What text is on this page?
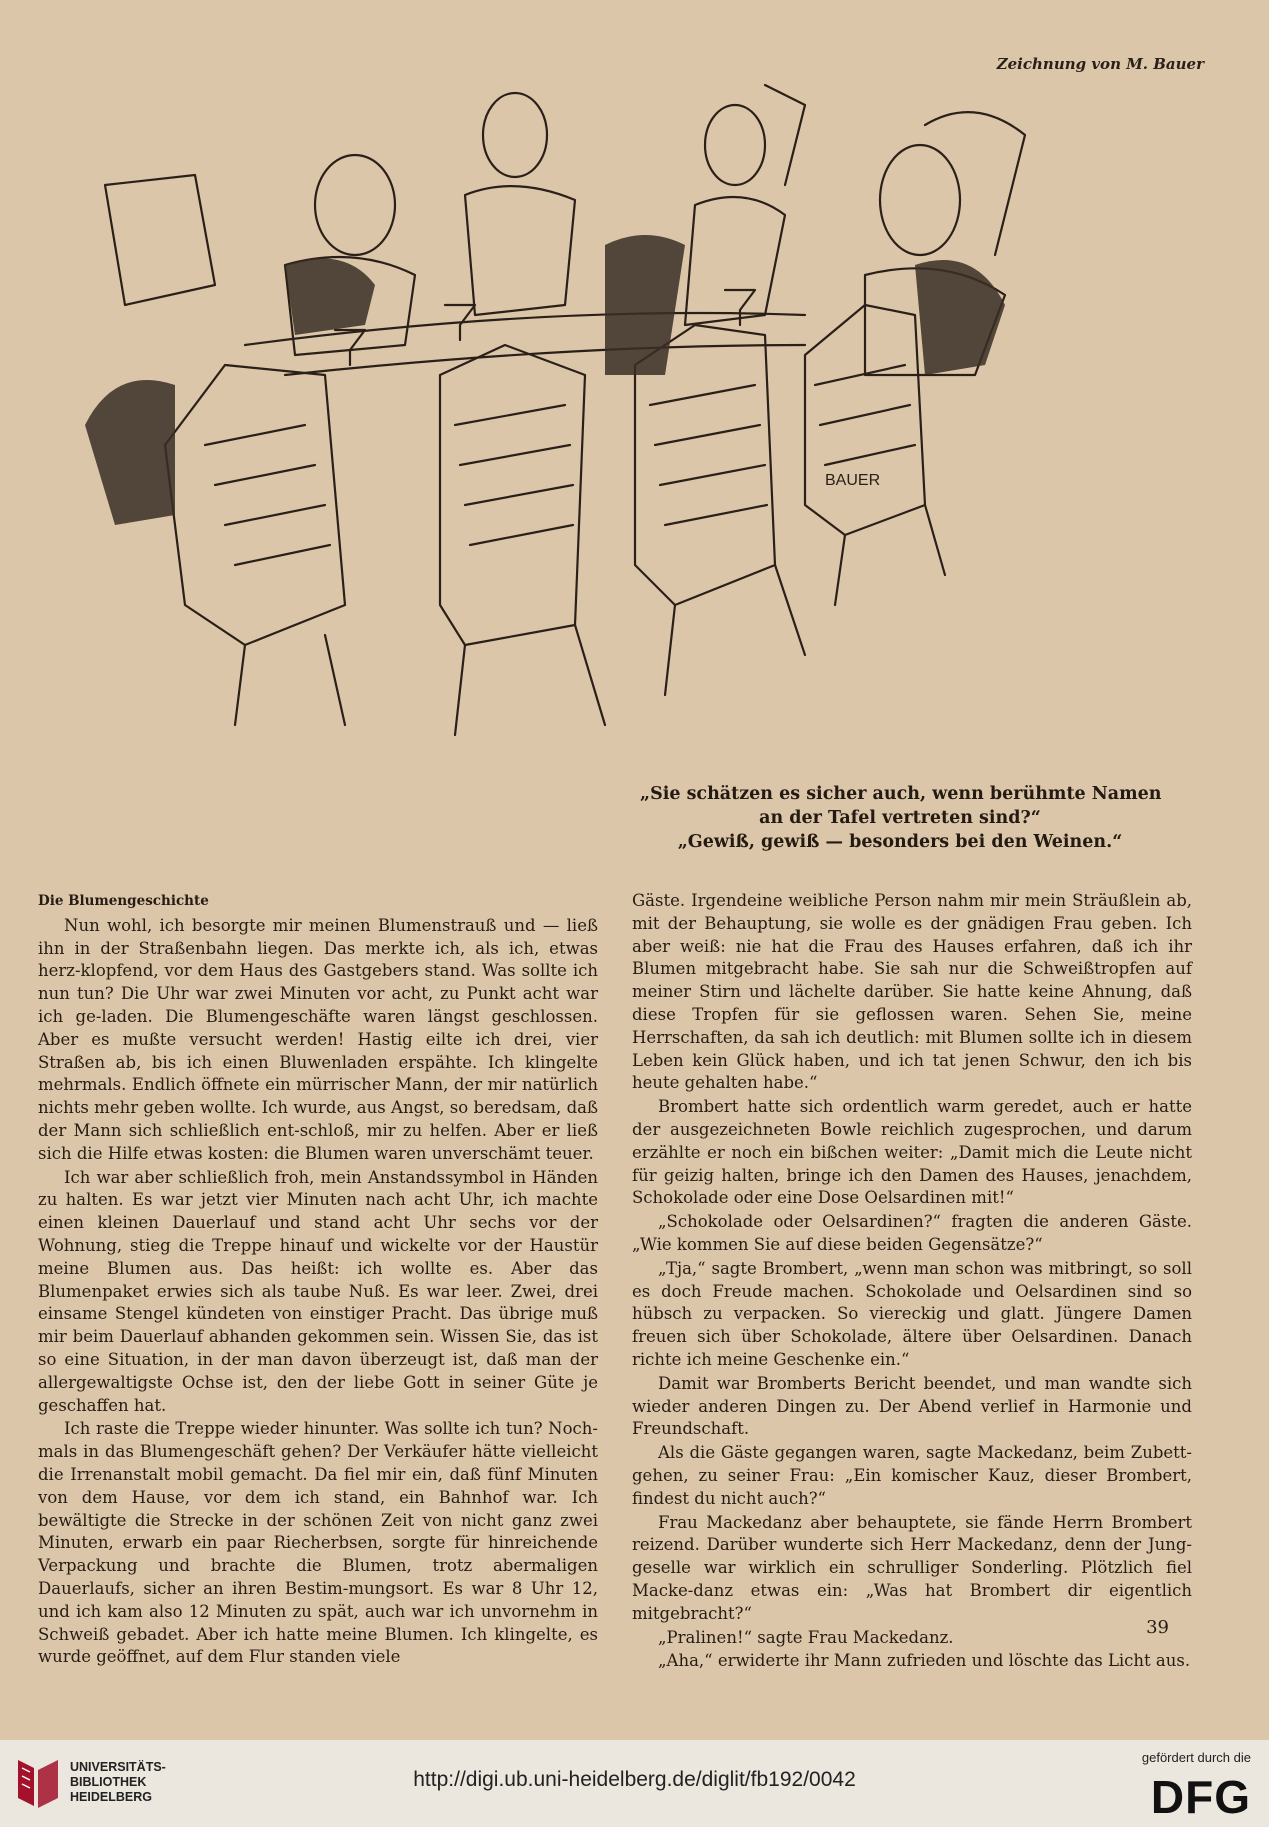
Zeichnung von M. Bauer
BAUER
„Sie schätzen es sicher auch, wenn berühmte Namen
an der Tafel vertreten sind?“
„Gewiß, gewiß — besonders bei den Weinen.“

Die Blumengeschichte

Nun wohl, ich besorgte mir meinen Blumenstrauß und — ließ ihn in der Straßenbahn liegen. Das merkte ich, als ich, etwas herz-klopfend, vor dem Haus des Gastgebers stand. Was sollte ich nun tun? Die Uhr war zwei Minuten vor acht, zu Punkt acht war ich ge-laden. Die Blumengeschäfte waren längst geschlossen. Aber es mußte versucht werden! Hastig eilte ich drei, vier Straßen ab, bis ich einen Bluwenladen erspähte. Ich klingelte mehrmals. Endlich öffnete ein mürrischer Mann, der mir natürlich nichts mehr geben wollte. Ich wurde, aus Angst, so beredsam, daß der Mann sich schließlich ent-schloß, mir zu helfen. Aber er ließ sich die Hilfe etwas kosten: die Blumen waren unverschämt teuer.

Ich war aber schließlich froh, mein Anstandssymbol in Händen zu halten. Es war jetzt vier Minuten nach acht Uhr, ich machte einen kleinen Dauerlauf und stand acht Uhr sechs vor der Wohnung, stieg die Treppe hinauf und wickelte vor der Haustür meine Blumen aus. Das heißt: ich wollte es. Aber das Blumenpaket erwies sich als taube Nuß. Es war leer. Zwei, drei einsame Stengel kündeten von einstiger Pracht. Das übrige muß mir beim Dauerlauf abhanden gekommen sein. Wissen Sie, das ist so eine Situation, in der man davon überzeugt ist, daß man der allergewaltigste Ochse ist, den der liebe Gott in seiner Güte je geschaffen hat.

Ich raste die Treppe wieder hinunter. Was sollte ich tun? Noch-mals in das Blumengeschäft gehen? Der Verkäufer hätte vielleicht die Irrenanstalt mobil gemacht. Da fiel mir ein, daß fünf Minuten von dem Hause, vor dem ich stand, ein Bahnhof war. Ich bewältigte die Strecke in der schönen Zeit von nicht ganz zwei Minuten, erwarb ein paar Riecherbsen, sorgte für hinreichende Verpackung und brachte die Blumen, trotz abermaligen Dauerlaufs, sicher an ihren Bestim-mungsort. Es war 8 Uhr 12, und ich kam also 12 Minuten zu spät, auch war ich unvornehm in Schweiß gebadet. Aber ich hatte meine Blumen. Ich klingelte, es wurde geöffnet, auf dem Flur standen viele

Gäste. Irgendeine weibliche Person nahm mir mein Sträußlein ab, mit der Behauptung, sie wolle es der gnädigen Frau geben. Ich aber weiß: nie hat die Frau des Hauses erfahren, daß ich ihr Blumen mitgebracht habe. Sie sah nur die Schweißtropfen auf meiner Stirn und lächelte darüber. Sie hatte keine Ahnung, daß diese Tropfen für sie geflossen waren. Sehen Sie, meine Herrschaften, da sah ich deutlich: mit Blumen sollte ich in diesem Leben kein Glück haben, und ich tat jenen Schwur, den ich bis heute gehalten habe.“

Brombert hatte sich ordentlich warm geredet, auch er hatte der ausgezeichneten Bowle reichlich zugesprochen, und darum erzählte er noch ein bißchen weiter: „Damit mich die Leute nicht für geizig halten, bringe ich den Damen des Hauses, jenachdem, Schokolade oder eine Dose Oelsardinen mit!“

„Schokolade oder Oelsardinen?“ fragten die anderen Gäste. „Wie kommen Sie auf diese beiden Gegensätze?“

„Tja,“ sagte Brombert, „wenn man schon was mitbringt, so soll es doch Freude machen. Schokolade und Oelsardinen sind so hübsch zu verpacken. So viereckig und glatt. Jüngere Damen freuen sich über Schokolade, ältere über Oelsardinen. Danach richte ich meine Geschenke ein.“

Damit war Bromberts Bericht beendet, und man wandte sich wieder anderen Dingen zu. Der Abend verlief in Harmonie und Freundschaft.

Als die Gäste gegangen waren, sagte Mackedanz, beim Zubett-gehen, zu seiner Frau: „Ein komischer Kauz, dieser Brombert, findest du nicht auch?“

Frau Mackedanz aber behauptete, sie fände Herrn Brombert reizend. Darüber wunderte sich Herr Mackedanz, denn der Jung-geselle war wirklich ein schrulliger Sonderling. Plötzlich fiel Macke-danz etwas ein: „Was hat Brombert dir eigentlich mitgebracht?“

„Pralinen!“ sagte Frau Mackedanz.

„Aha,“ erwiderte ihr Mann zufrieden und löschte das Licht aus.

39
UNIVERSITÄTS-
BIBLIOTHEK
HEIDELBERG
http://digi.ub.uni-heidelberg.de/diglit/fb192/0042
gefördert durch die
DFG
